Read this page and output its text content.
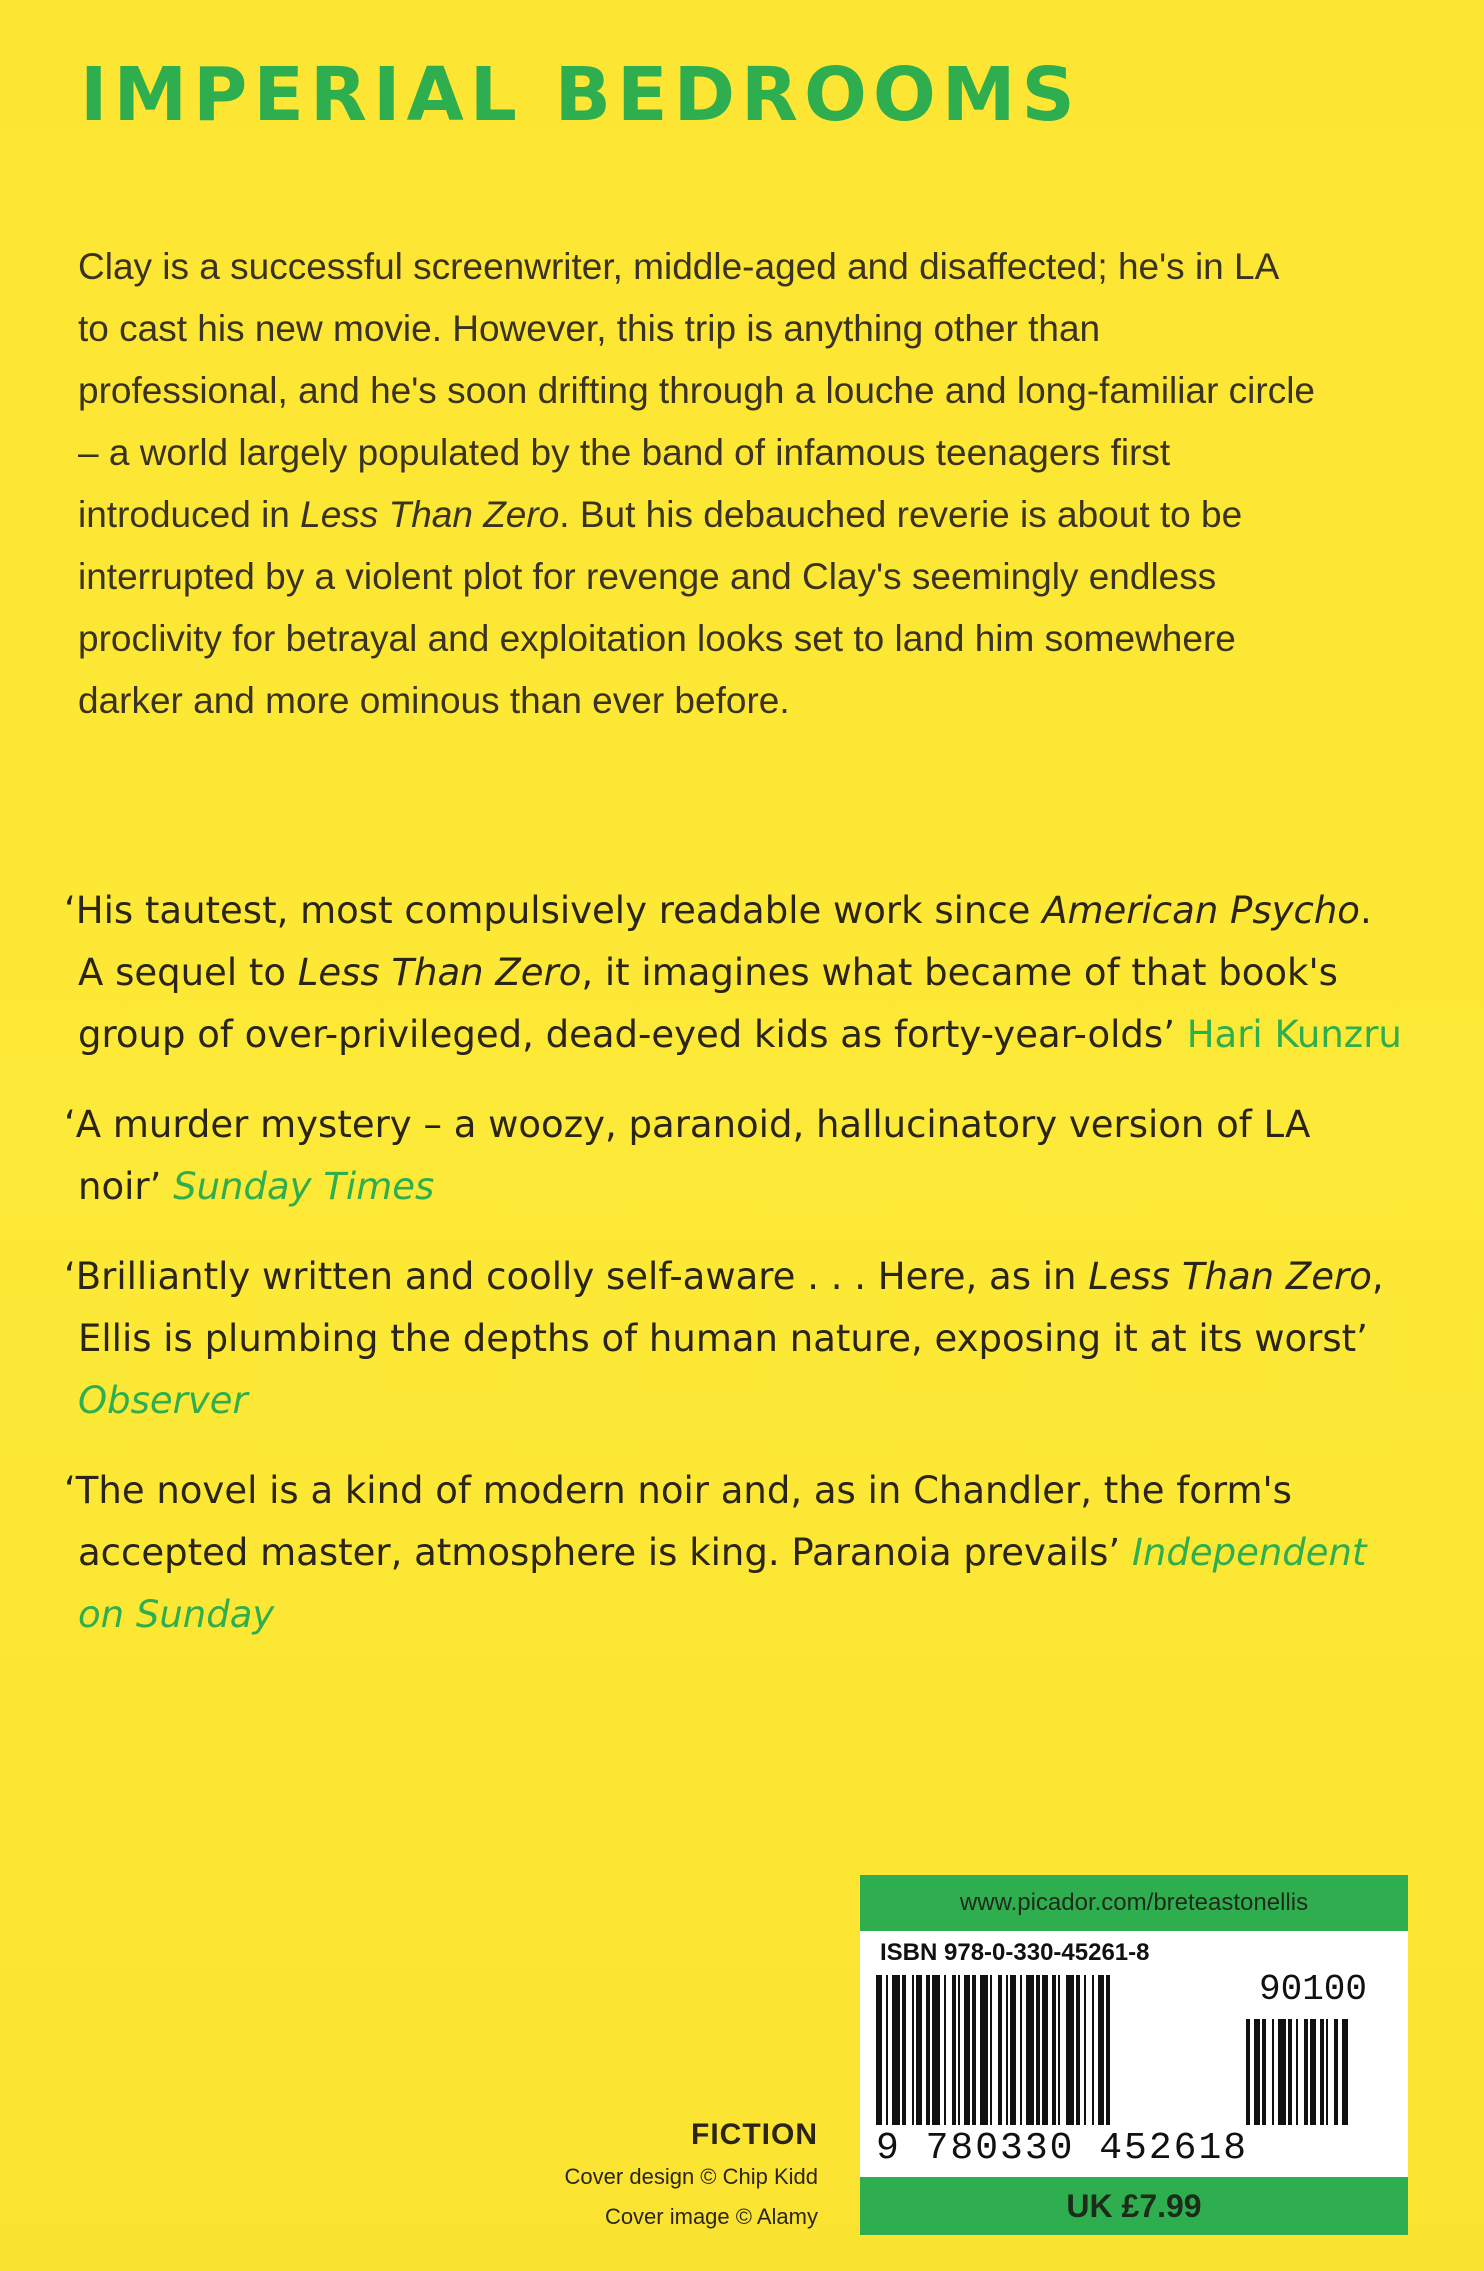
IMPERIAL BEDROOMS

Clay is a successful screenwriter, middle-aged and disaffected; he's in LA to cast his new movie. However, this trip is anything other than professional, and he's soon drifting through a louche and long-familiar circle – a world largely populated by the band of infamous teenagers first introduced in Less Than Zero. But his debauched reverie is about to be interrupted by a violent plot for revenge and Clay's seemingly endless proclivity for betrayal and exploitation looks set to land him somewhere darker and more ominous than ever before.

‘His tautest, most compulsively readable work since American Psycho. A sequel to Less Than Zero, it imagines what became of that book's group of over-privileged, dead-eyed kids as forty-year-olds’ Hari Kunzru

‘A murder mystery – a woozy, paranoid, hallucinatory version of LA noir’ Sunday Times

‘Brilliantly written and coolly self-aware . . . Here, as in Less Than Zero, Ellis is plumbing the depths of human nature, exposing it at its worst’ Observer

‘The novel is a kind of modern noir and, as in Chandler, the form's accepted master, atmosphere is king. Paranoia prevails’ Independent on Sunday

FICTION

Cover design © Chip Kidd

Cover image © Alamy

www.picador.com/breteastonellis
ISBN 978-0-330-45261-8
90100
9 780330 452618
UK £7.99
